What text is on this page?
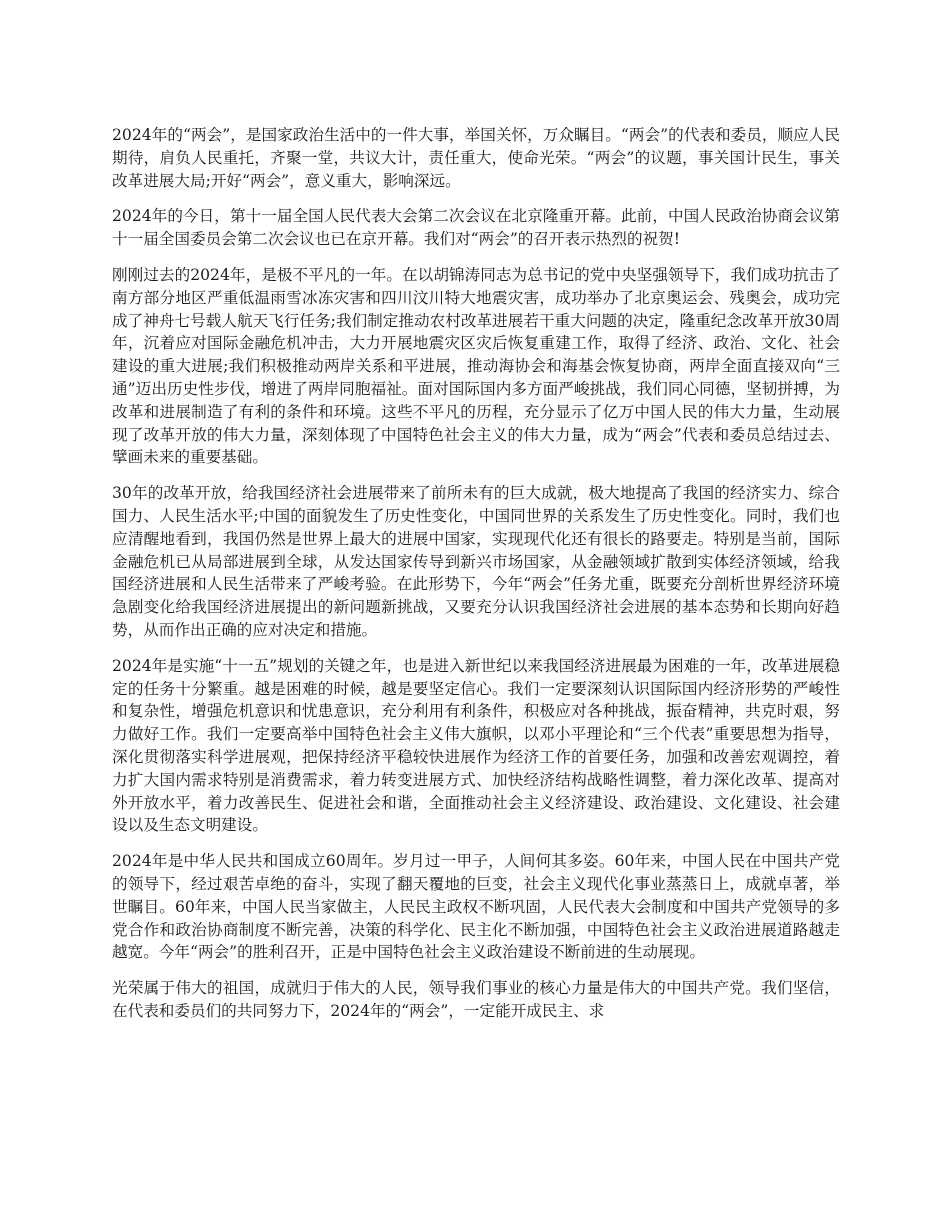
2024年的“两会”，是国家政治生活中的一件大事，举国关怀，万众瞩目。“两会”的代表和委员，顺应人民期待，肩负人民重托，齐聚一堂，共议大计，责任重大，使命光荣。“两会”的议题，事关国计民生，事关改革进展大局;开好“两会”，意义重大，影响深远。

2024年的今日，第十一届全国人民代表大会第二次会议在北京隆重开幕。此前，中国人民政治协商会议第十一届全国委员会第二次会议也已在京开幕。我们对“两会”的召开表示热烈的祝贺!

刚刚过去的2024年，是极不平凡的一年。在以胡锦涛同志为总书记的党中央坚强领导下，我们成功抗击了南方部分地区严重低温雨雪冰冻灾害和四川汶川特大地震灾害，成功举办了北京奥运会、残奥会，成功完成了神舟七号载人航天飞行任务;我们制定推动农村改革进展若干重大问题的决定，隆重纪念改革开放30周年，沉着应对国际金融危机冲击，大力开展地震灾区灾后恢复重建工作，取得了经济、政治、文化、社会建设的重大进展;我们积极推动两岸关系和平进展，推动海协会和海基会恢复协商，两岸全面直接双向“三通”迈出历史性步伐，增进了两岸同胞福祉。面对国际国内多方面严峻挑战，我们同心同德，坚韧拼搏，为改革和进展制造了有利的条件和环境。这些不平凡的历程，充分显示了亿万中国人民的伟大力量，生动展现了改革开放的伟大力量，深刻体现了中国特色社会主义的伟大力量，成为“两会”代表和委员总结过去、擘画未来的重要基础。

30年的改革开放，给我国经济社会进展带来了前所未有的巨大成就，极大地提高了我国的经济实力、综合国力、人民生活水平;中国的面貌发生了历史性变化，中国同世界的关系发生了历史性变化。同时，我们也应清醒地看到，我国仍然是世界上最大的进展中国家，实现现代化还有很长的路要走。特别是当前，国际金融危机已从局部进展到全球，从发达国家传导到新兴市场国家，从金融领域扩散到实体经济领域，给我国经济进展和人民生活带来了严峻考验。在此形势下，今年“两会”任务尤重，既要充分剖析世界经济环境急剧变化给我国经济进展提出的新问题新挑战，又要充分认识我国经济社会进展的基本态势和长期向好趋势，从而作出正确的应对决定和措施。

2024年是实施“十一五”规划的关键之年，也是进入新世纪以来我国经济进展最为困难的一年，改革进展稳定的任务十分繁重。越是困难的时候，越是要坚定信心。我们一定要深刻认识国际国内经济形势的严峻性和复杂性，增强危机意识和忧患意识，充分利用有利条件，积极应对各种挑战，振奋精神，共克时艰，努力做好工作。我们一定要高举中国特色社会主义伟大旗帜，以邓小平理论和“三个代表”重要思想为指导，深化贯彻落实科学进展观，把保持经济平稳较快进展作为经济工作的首要任务，加强和改善宏观调控，着力扩大国内需求特别是消费需求，着力转变进展方式、加快经济结构战略性调整，着力深化改革、提高对外开放水平，着力改善民生、促进社会和谐，全面推动社会主义经济建设、政治建设、文化建设、社会建设以及生态文明建设。

2024年是中华人民共和国成立60周年。岁月过一甲子，人间何其多姿。60年来，中国人民在中国共产党的领导下，经过艰苦卓绝的奋斗，实现了翻天覆地的巨变，社会主义现代化事业蒸蒸日上，成就卓著，举世瞩目。60年来，中国人民当家做主，人民民主政权不断巩固，人民代表大会制度和中国共产党领导的多党合作和政治协商制度不断完善，决策的科学化、民主化不断加强，中国特色社会主义政治进展道路越走越宽。今年“两会”的胜利召开，正是中国特色社会主义政治建设不断前进的生动展现。

光荣属于伟大的祖国，成就归于伟大的人民，领导我们事业的核心力量是伟大的中国共产党。我们坚信，在代表和委员们的共同努力下，2024年的“两会”，一定能开成民主、求
